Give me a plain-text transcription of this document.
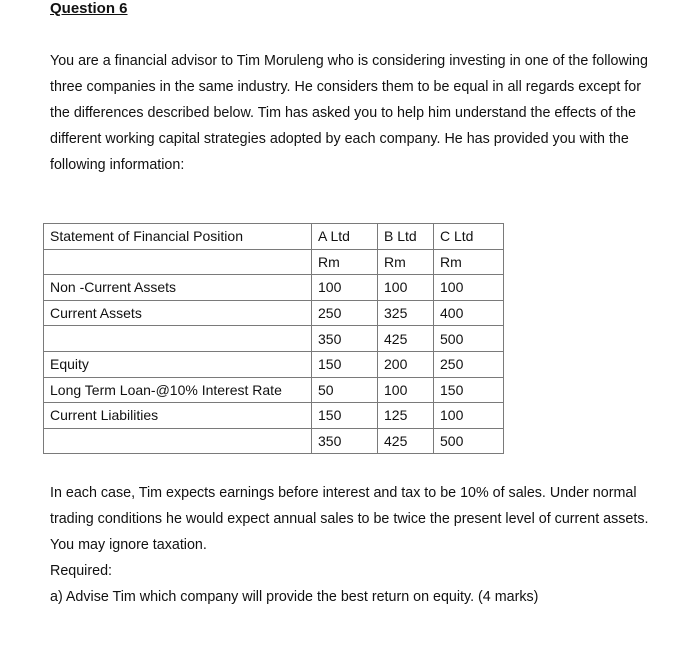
Question 6
You are a financial advisor to Tim Moruleng who is considering investing in one of the following
three companies in the same industry. He considers them to be equal in all regards except for
the differences described below. Tim has asked you to help him understand the effects of the
different working capital strategies adopted by each company. He has provided you with the
following information:
Statement of Financial Position	A Ltd	B Ltd	C Ltd
	Rm	Rm	Rm
Non -Current Assets	100	100	100
Current Assets	250	325	400
	350	425	500
Equity	150	200	250
Long Term Loan-@10% Interest Rate	50	100	150
Current Liabilities	150	125	100
	350	425	500

In each case, Tim expects earnings before interest and tax to be 10% of sales. Under normal

trading conditions he would expect annual sales to be twice the present level of current assets.

You may ignore taxation.

Required:

a) Advise Tim which company will provide the best return on equity. (4 marks)
